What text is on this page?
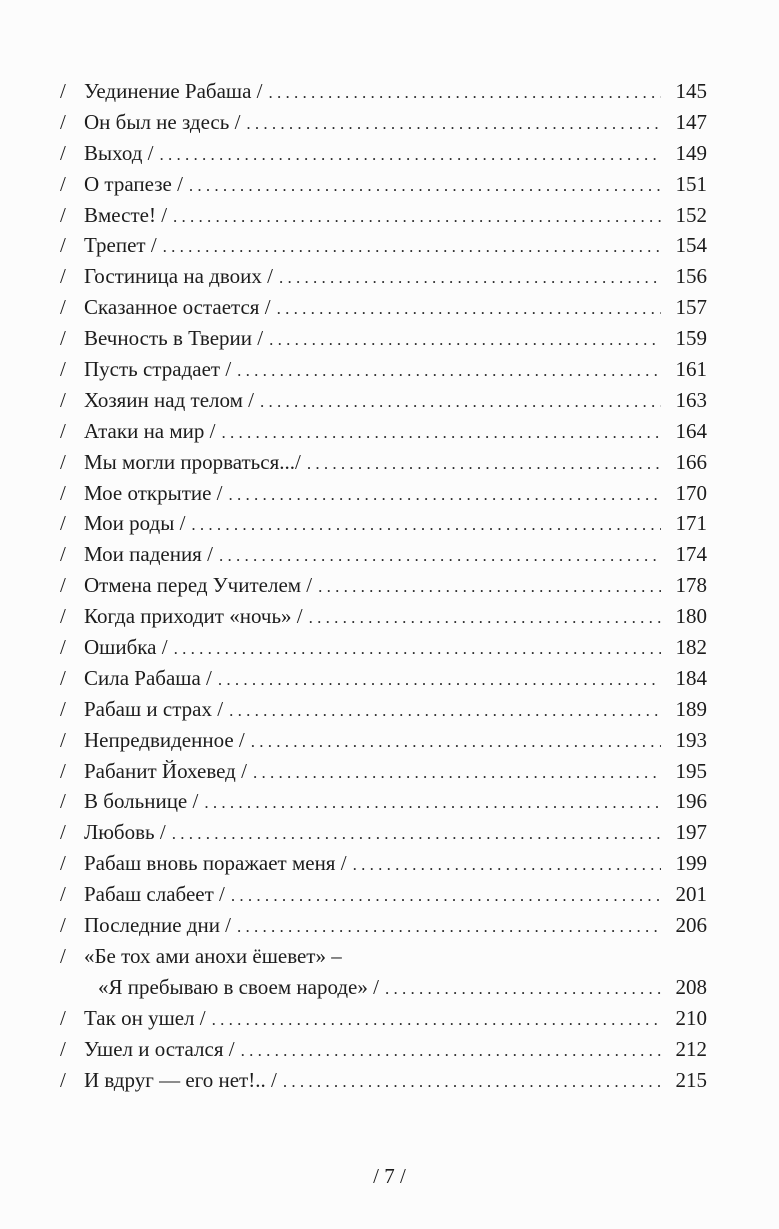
/ Уединение Рабаша / . . .	145
/ Он был не здесь / . . .	147
/ Выход / . . .	149
/ О трапезе / . . .	151
/ Вместе! / . . .	152
/ Трепет / . . .	154
/ Гостиница на двоих / . . .	156
/ Сказанное остается / . . .	157
/ Вечность в Тверии / . . .	159
/ Пусть страдает / . . .	161
/ Хозяин над телом / . . .	163
/ Атаки на мир / . . .	164
/ Мы могли прорваться.../ . . .	166
/ Мое открытие / . . .	170
/ Мои роды / . . .	171
/ Мои падения / . . .	174
/ Отмена перед Учителем / . . .	178
/ Когда приходит «ночь» / . . .	180
/ Ошибка / . . .	182
/ Сила Рабаша / . . .	184
/ Рабаш и страх / . . .	189
/ Непредвиденное / . . .	193
/ Рабанит Йохевед / . . .	195
/ В больнице / . . .	196
/ Любовь / . . .	197
/ Рабаш вновь поражает меня / . . .	199
/ Рабаш слабеет / . . .	201
/ Последние дни / . . .	206
/ «Бе тох ами анохи ёшевет» –
«Я пребываю в своем народе» / . . .	208
/ Так он ушел / . . .	210
/ Ушел и остался / . . .	212
/ И вдруг — его нет!.. / . . .	215
/ 7 /
